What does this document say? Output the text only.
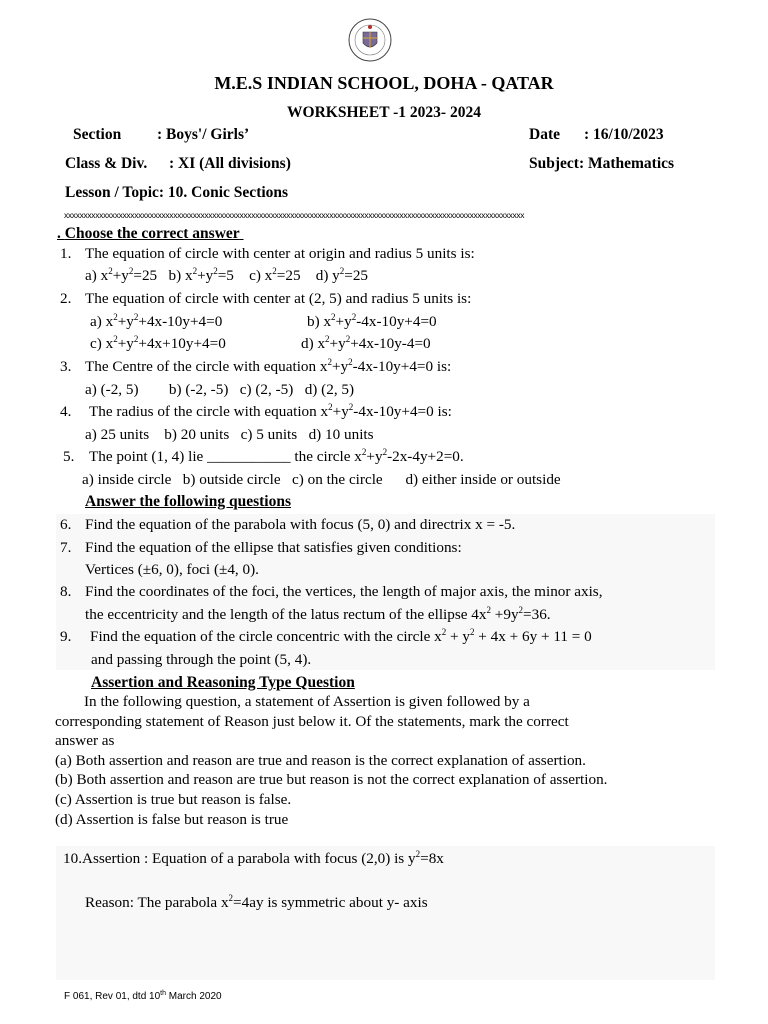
M.E.S INDIAN SCHOOL, DOHA - QATAR
WORKSHEET -1 2023- 2024
Section : Boys'/ Girls’	Date : 16/10/2023
Class & Div. : XI (All divisions)	Subject: Mathematics
Lesson / Topic: 10. Conic Sections
xxxxxxxxxxxxxxxxxxxxxxxxxxxxxxxxxxxxxxxxxxxxxxxxxxxxxxxxxxxxxxxxxxxxxxxxxxxxxxxxxxxxxxxxxxxxxxxxxxxxxxxxxxxxxxxxxxxxxx
. Choose the correct answer
1. The equation of circle with center at origin and radius 5 units is:
a) $x^2+y^2=25$   b) $x^2+y^2=5$    c) $x^2=25$    d) $y^2=25$
2. The equation of circle with center at (2, 5) and radius 5 units is:
a) $x^2+y^2+4x-10y+4=0$	b) $x^2+y^2-4x-10y+4=0$
c) $x^2+y^2+4x+10y+4=0$	d) $x^2+y^2+4x-10y-4=0$
3. The Centre of the circle with equation $x^2+y^2-4x-10y+4=0$ is:
a) (-2, 5)        b) (-2, -5)   c) (2, -5)   d) (2, 5)
4. The radius of the circle with equation $x^2+y^2-4x-10y+4=0$ is:
a) 25 units    b) 20 units   c) 5 units   d) 10 units
5. The point (1, 4) lie ___________ the circle $x^2+y^2-2x-4y+2=0$.
a) inside circle   b) outside circle   c) on the circle      d) either inside or outside
Answer the following questions
6. Find the equation of the parabola with focus (5, 0) and directrix x = -5.
7. Find the equation of the ellipse that satisfies given conditions:
Vertices (±6, 0), foci (±4, 0).
8. Find the coordinates of the foci, the vertices, the length of major axis, the minor axis,
the eccentricity and the length of the latus rectum of the ellipse $4x^2 +9y^2=36$.
9. Find the equation of the circle concentric with the circle $x^2 + y^2 + 4x + 6y + 11 = 0$
and passing through the point (5, 4).
Assertion and Reasoning Type Question
In the following question, a statement of Assertion is given followed by a
corresponding statement of Reason just below it. Of the statements, mark the correct
answer as
(a) Both assertion and reason are true and reason is the correct explanation of assertion.
(b) Both assertion and reason are true but reason is not the correct explanation of assertion.
(c) Assertion is true but reason is false.
(d) Assertion is false but reason is true
10.Assertion : Equation of a parabola with focus (2,0) is $y^2=8x$
Reason: The parabola $x^2=4ay$ is symmetric about y- axis
F 061, Rev 01, dtd 10th March 2020
